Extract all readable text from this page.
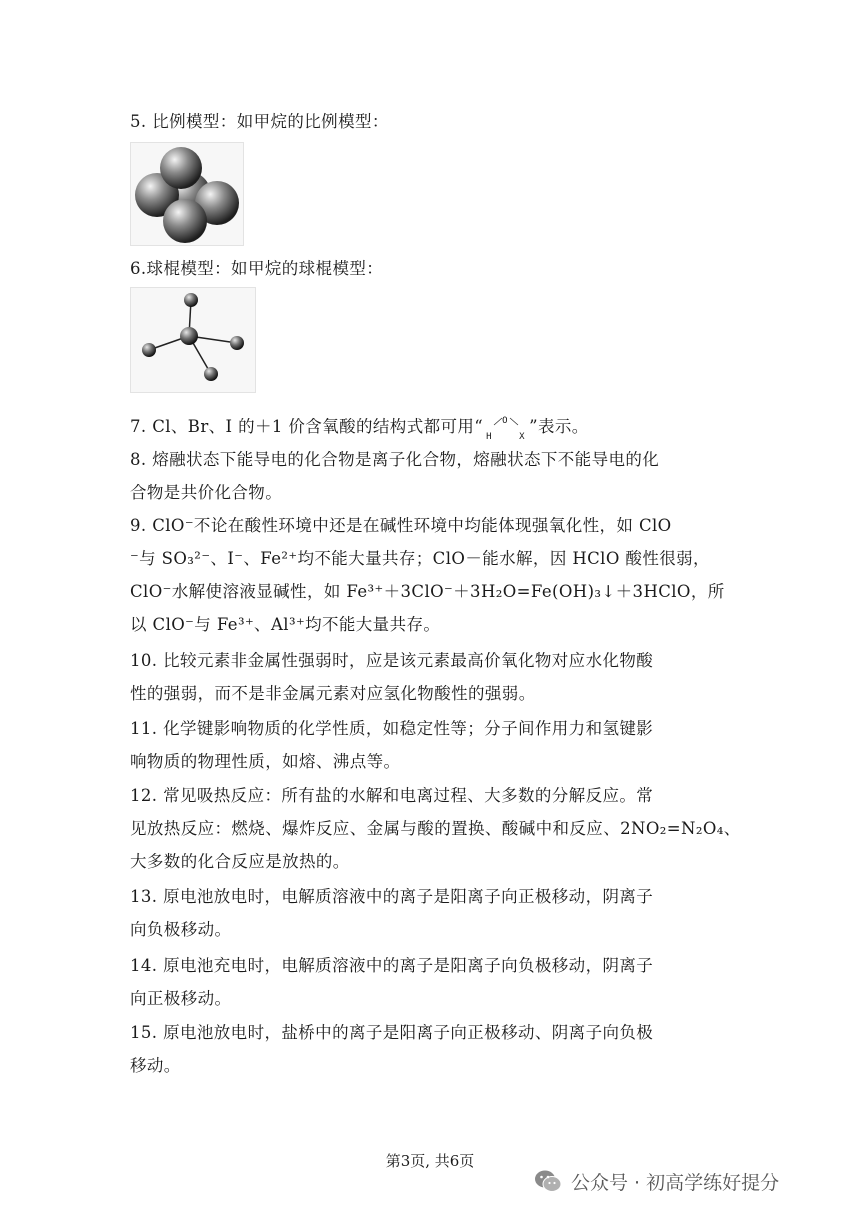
5. 比例模型：如甲烷的比例模型：
6.球棍模型：如甲烷的球棍模型：
7. Cl、Br、I 的＋1 价含氧酸的结构式都可用“ O
H	X
”表示。
8. 熔融状态下能导电的化合物是离子化合物，熔融状态下不能导电的化
合物是共价化合物。
9. ClO⁻不论在酸性环境中还是在碱性环境中均能体现强氧化性，如 ClO
⁻与 SO₃²⁻、I⁻、Fe²⁺均不能大量共存；ClO－能水解，因 HClO 酸性很弱，
ClO⁻水解使溶液显碱性，如 Fe³⁺＋3ClO⁻＋3H₂O=Fe(OH)₃↓＋3HClO，所
以 ClO⁻与 Fe³⁺、Al³⁺均不能大量共存。
10. 比较元素非金属性强弱时，应是该元素最高价氧化物对应水化物酸
性的强弱，而不是非金属元素对应氢化物酸性的强弱。
11. 化学键影响物质的化学性质，如稳定性等；分子间作用力和氢键影
响物质的物理性质，如熔、沸点等。
12. 常见吸热反应：所有盐的水解和电离过程、大多数的分解反应。常
见放热反应：燃烧、爆炸反应、金属与酸的置换、酸碱中和反应、2NO₂=N₂O₄、
大多数的化合反应是放热的。
13. 原电池放电时，电解质溶液中的离子是阳离子向正极移动，阴离子
向负极移动。
14. 原电池充电时，电解质溶液中的离子是阳离子向负极移动，阴离子
向正极移动。
15. 原电池放电时，盐桥中的离子是阳离子向正极移动、阴离子向负极
移动。
第3页, 共6页
公众号 · 初高学练好提分
